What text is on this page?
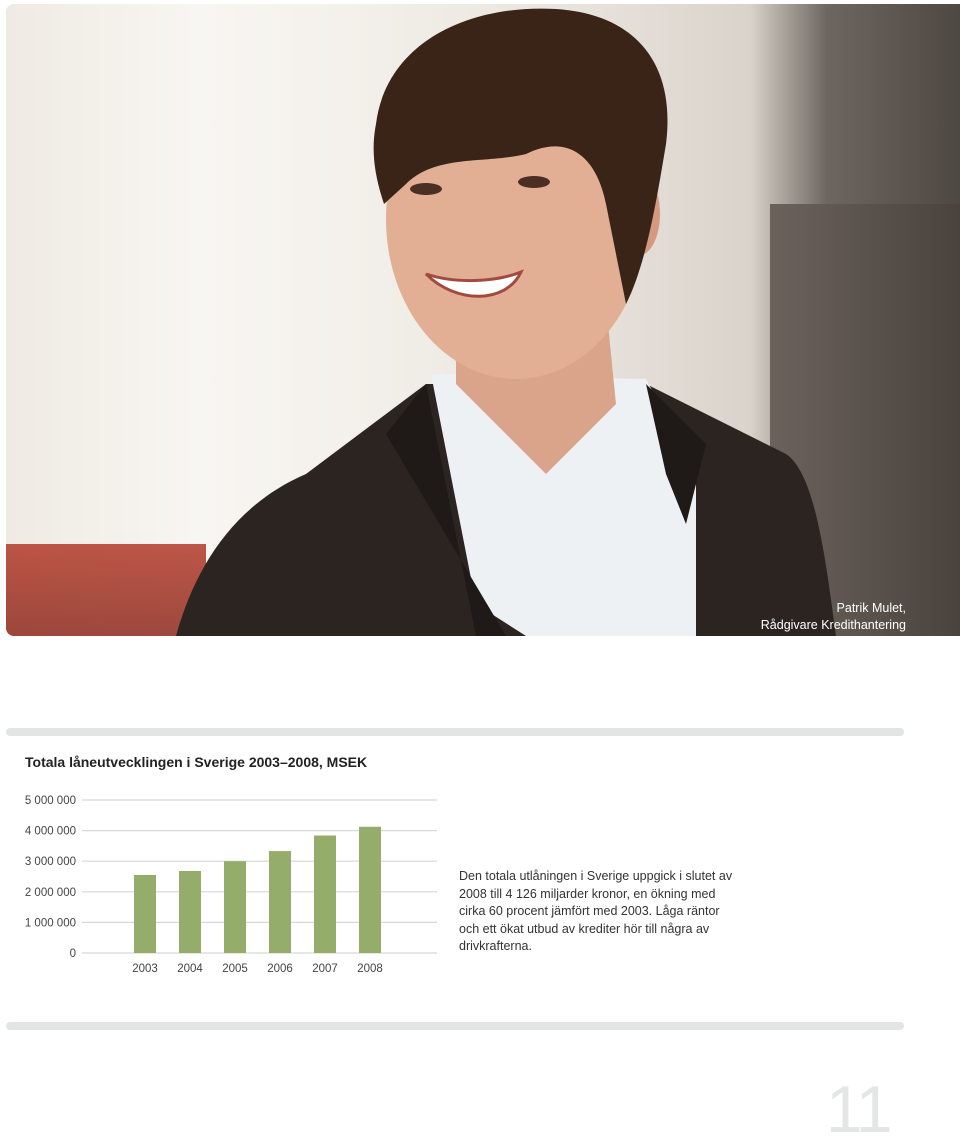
Patrik Mulet,
Rådgivare Kredithantering
Totala låneutvecklingen i Sverige 2003–2008, MSEK
0
1 000 000
2 000 000
3 000 000
4 000 000
5 000 000
2003 2004 2005 2006 2007 2008
Den totala utlåningen i Sverige uppgick i slutet av 2008 till 4 126 miljarder kronor, en ökning med cirka 60 procent jämfört med 2003. Låga räntor och ett ökat utbud av krediter hör till några av drivkrafterna.
11
